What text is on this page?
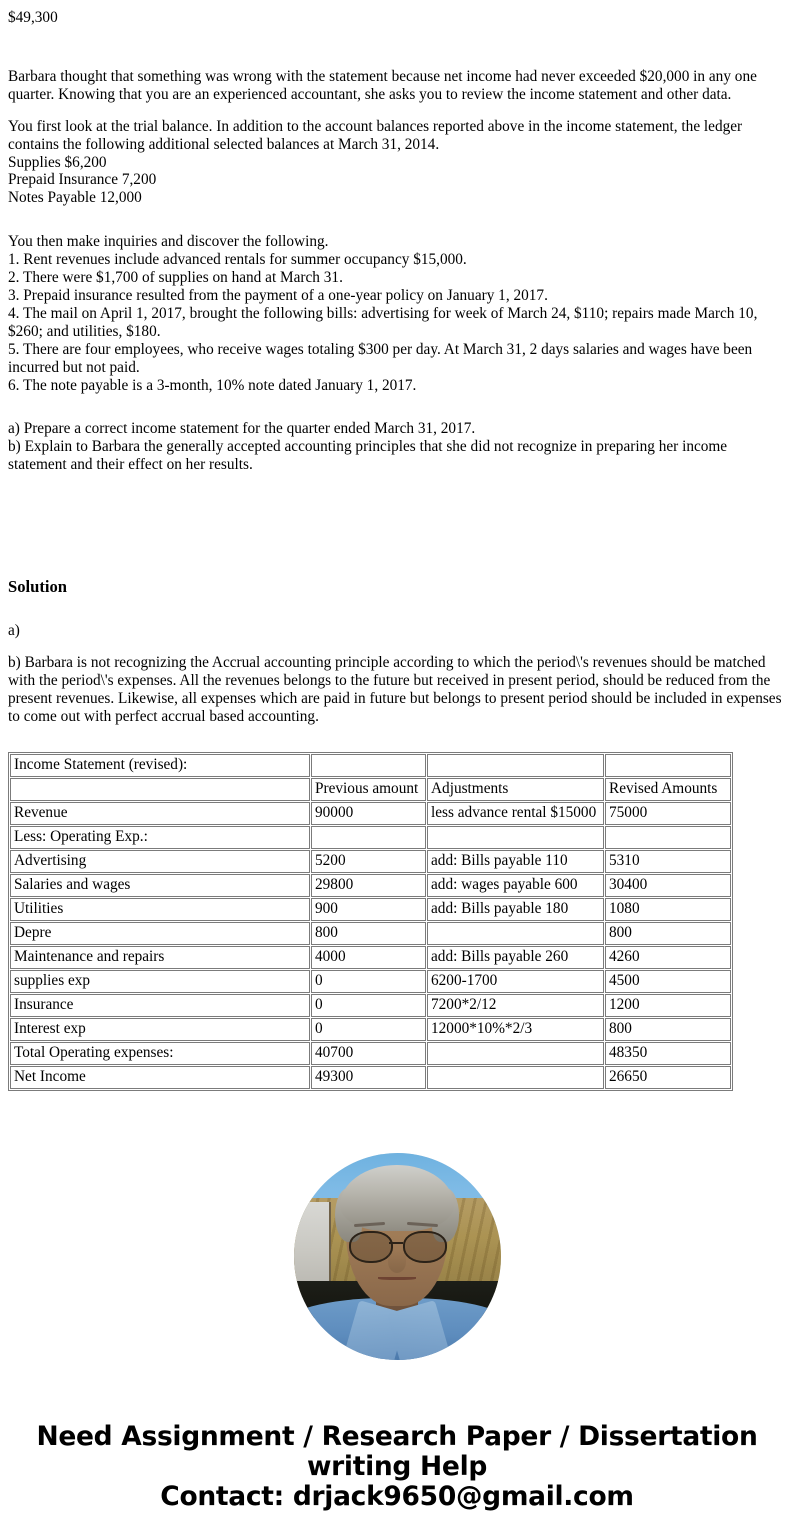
$49,300

Barbara thought that something was wrong with the statement because net income had never exceeded $20,000 in any one quarter. Knowing that you are an experienced accountant, she asks you to review the income statement and other data.

You first look at the trial balance. In addition to the account balances reported above in the income statement, the ledger contains the following additional selected balances at March 31, 2014.

Supplies $6,200

Prepaid Insurance 7,200

Notes Payable 12,000

You then make inquiries and discover the following.

1. Rent revenues include advanced rentals for summer occupancy $15,000.

2. There were $1,700 of supplies on hand at March 31.

3. Prepaid insurance resulted from the payment of a one-year policy on January 1, 2017.

4. The mail on April 1, 2017, brought the following bills: advertising for week of March 24, $110; repairs made March 10, $260; and utilities, $180.

5. There are four employees, who receive wages totaling $300 per day. At March 31, 2 days salaries and wages have been incurred but not paid.

6. The note payable is a 3-month, 10% note dated January 1, 2017.

a) Prepare a correct income statement for the quarter ended March 31, 2017.

b) Explain to Barbara the generally accepted accounting principles that she did not recognize in preparing her income statement and their effect on her results.

Solution

a)

b) Barbara is not recognizing the Accrual accounting principle according to which the period\'s revenues should be matched with the period\'s expenses. All the revenues belongs to the future but received in present period, should be reduced from the present revenues. Likewise, all expenses which are paid in future but belongs to present period should be included in expenses to come out with perfect accrual based accounting.

Income Statement (revised):			
	Previous amount	Adjustments	Revised Amounts
Revenue	90000	less advance rental $15000	75000
Less: Operating Exp.:			
Advertising	5200	add: Bills payable 110	5310
Salaries and wages	29800	add: wages payable 600	30400
Utilities	900	add: Bills payable 180	1080
Depre	800		800
Maintenance and repairs	4000	add: Bills payable 260	4260
supplies exp	0	6200-1700	4500
Insurance	0	7200*2/12	1200
Interest exp	0	12000*10%*2/3	800
Total Operating expenses:	40700		48350
Net Income	49300		26650
Need Assignment / Research Paper / Dissertation writing Help
Contact: drjack9650@gmail.com
